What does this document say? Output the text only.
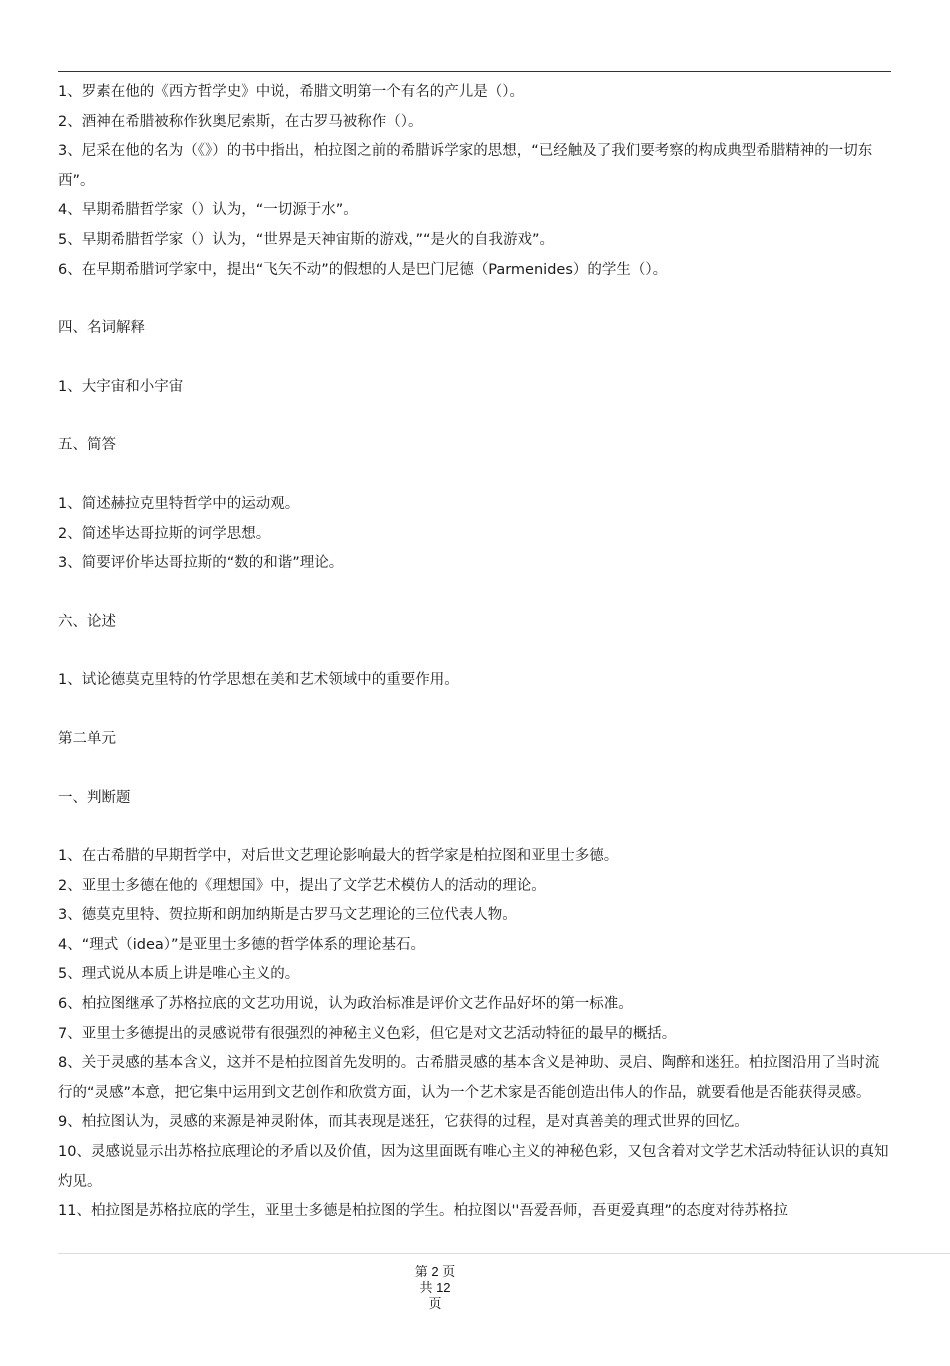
1、罗素在他的《西方哲学史》中说，希腊文明第一个有名的产儿是（）。

2、酒神在希腊被称作狄奥尼索斯，在古罗马被称作（）。

3、尼采在他的名为（《》）的书中指出，柏拉图之前的希腊诉学家的思想，“已经触及了我们要考察的构成典型希腊精神的一切东西”。

4、早期希腊哲学家（）认为，“一切源于水”。

5、早期希腊哲学家（）认为，“世界是天神宙斯的游戏，”“是火的自我游戏”。

6、在早期希腊诃学家中，提出“飞矢不动”的假想的人是巴门尼德（Parmenides）的学生（）。

四、名词解释

1、大宇宙和小宇宙

五、简答

1、简述赫拉克里特哲学中的运动观。

2、简述毕达哥拉斯的诃学思想。

3、简要评价毕达哥拉斯的“数的和谐”理论。

六、论述

1、试论德莫克里特的竹学思想在美和艺术领域中的重要作用。

第二单元

一、判断题

1、在古希腊的早期哲学中，对后世文艺理论影响最大的哲学家是柏拉图和亚里士多德。

2、亚里士多德在他的《理想国》中，提出了文学艺术模仿人的活动的理论。

3、德莫克里特、贺拉斯和朗加纳斯是古罗马文艺理论的三位代表人物。

4、“理式（idea）”是亚里士多德的哲学体系的理论基石。

5、理式说从本质上讲是唯心主义的。

6、柏拉图继承了苏格拉底的文艺功用说，认为政治标准是评价文艺作品好坏的第一标准。

7、亚里士多德提出的灵感说带有很强烈的神秘主义色彩，但它是对文艺活动特征的最早的概括。

8、关于灵感的基本含义，这并不是柏拉图首先发明的。古希腊灵感的基本含义是神助、灵启、陶醉和迷狂。柏拉图沿用了当时流行的“灵感”本意，把它集中运用到文艺创作和欣赏方面，认为一个艺术家是否能创造出伟人的作品，就要看他是否能获得灵感。

9、柏拉图认为，灵感的来源是神灵附体，而其表现是迷狂，它获得的过程，是对真善美的理式世界的回忆。

10、灵感说显示出苏格拉底理论的矛盾以及价值，因为这里面既有唯心主义的神秘色彩，又包含着对文学艺术活动特征认识的真知灼见。

11、柏拉图是苏格拉底的学生，亚里士多德是柏拉图的学生。柏拉图以''吾爱吾师，吾更爱真理”的态度对待苏格拉

第 2 页
共 12
页
